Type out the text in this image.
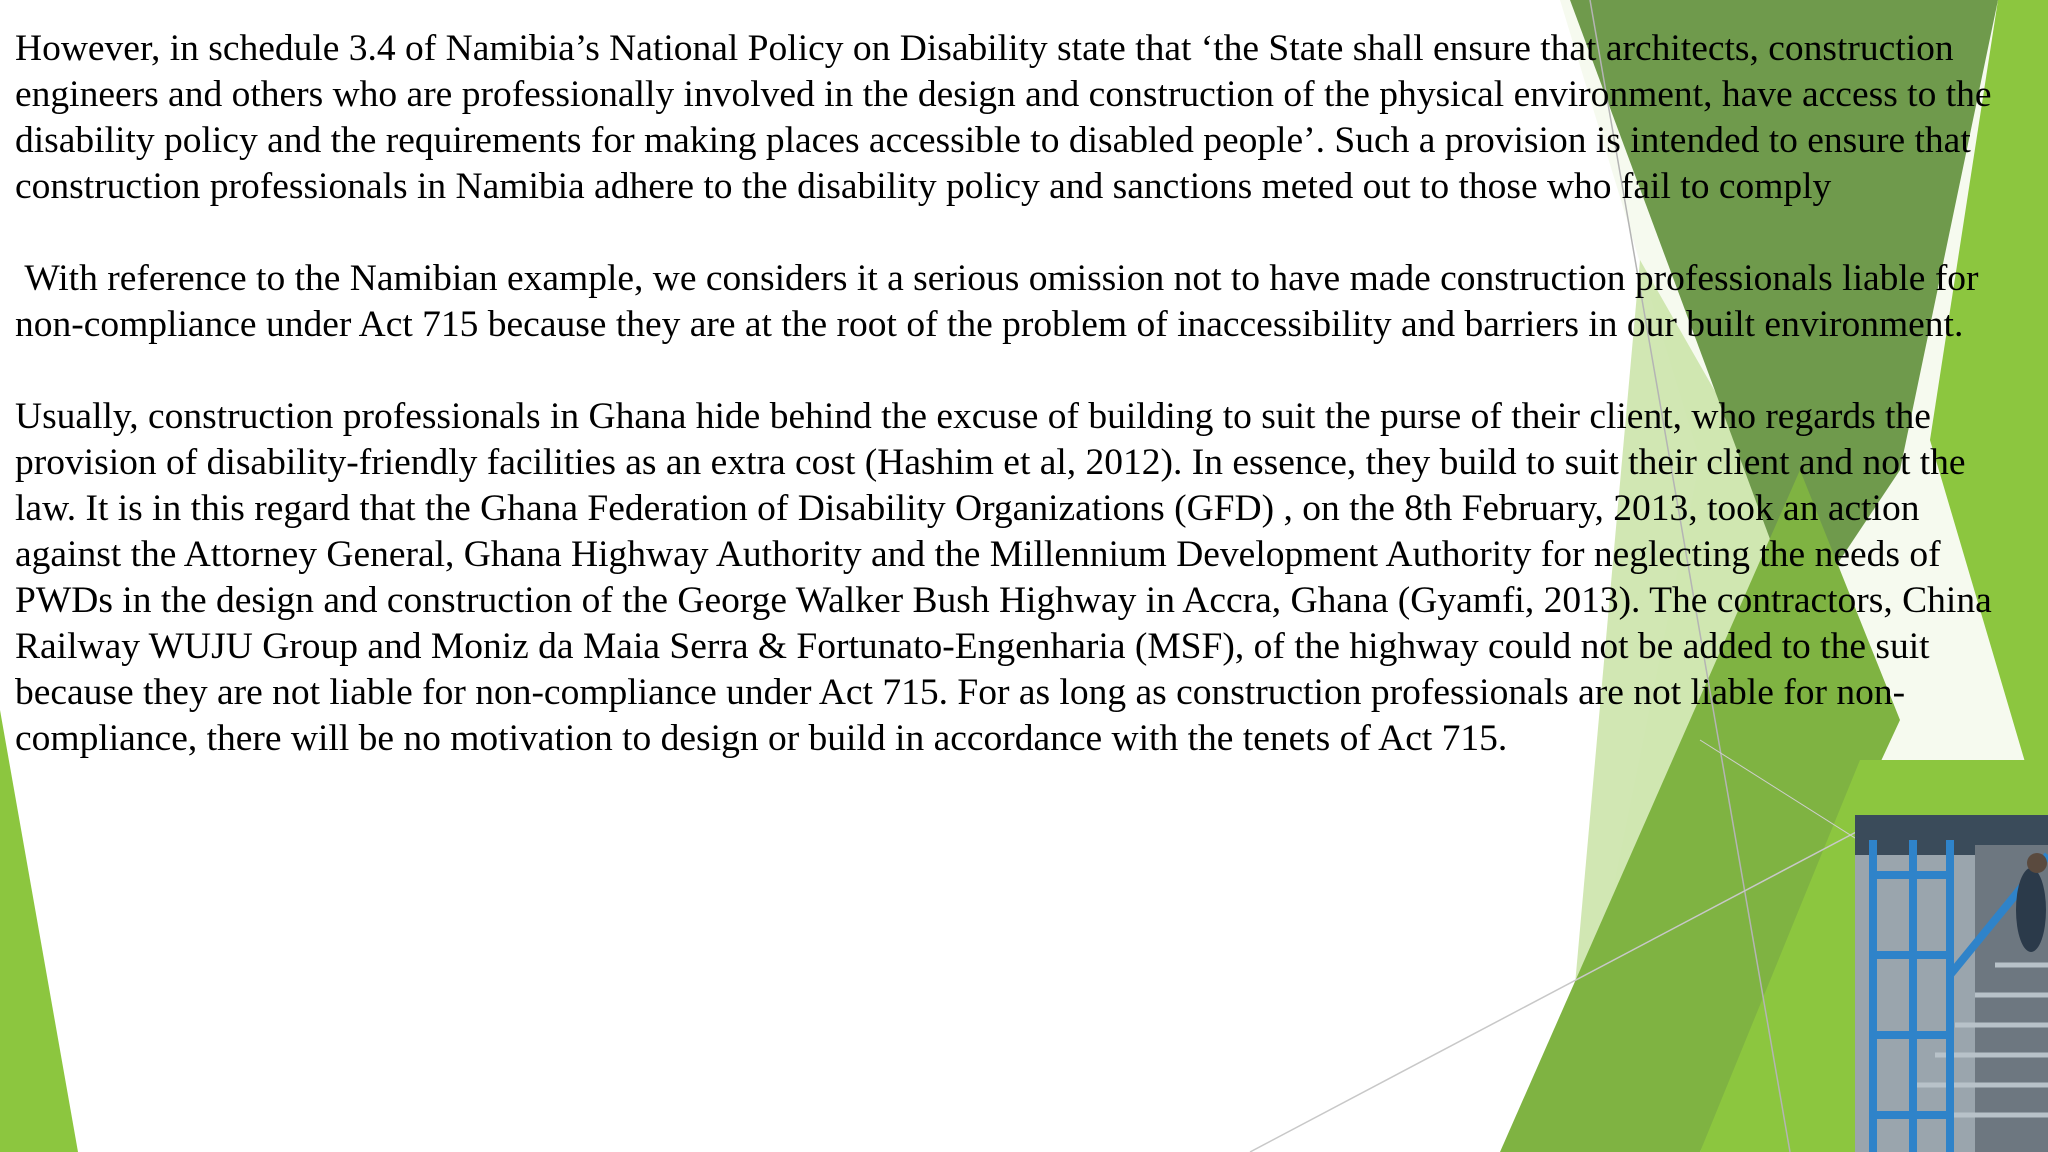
However, in schedule 3.4 of Namibia’s National Policy on Disability state that ‘the State shall ensure that architects, construction engineers and others who are professionally involved in the design and construction of the physical environment, have access to the disability policy and the requirements for making places accessible to disabled people’. Such a provision is intended to ensure that construction professionals in Namibia adhere to the disability policy and sanctions meted out to those who fail to comply

With reference to the Namibian example, we considers it a serious omission not to have made construction professionals liable for non-compliance under Act 715 because they are at the root of the problem of inaccessibility and barriers in our built environment.

Usually, construction professionals in Ghana hide behind the excuse of building to suit the purse of their client, who regards the provision of disability-friendly facilities as an extra cost (Hashim et al, 2012). In essence, they build to suit their client and not the law. It is in this regard that the Ghana Federation of Disability Organizations (GFD) , on the 8th February, 2013, took an action against the Attorney General, Ghana Highway Authority and the Millennium Development Authority for neglecting the needs of PWDs in the design and construction of the George Walker Bush Highway in Accra, Ghana (Gyamfi, 2013). The contractors, China Railway WUJU Group and Moniz da Maia Serra & Fortunato-Engenharia (MSF), of the highway could not be added to the suit because they are not liable for non-compliance under Act 715. For as long as construction professionals are not liable for non-compliance, there will be no motivation to design or build in accordance with the tenets of Act 715.
